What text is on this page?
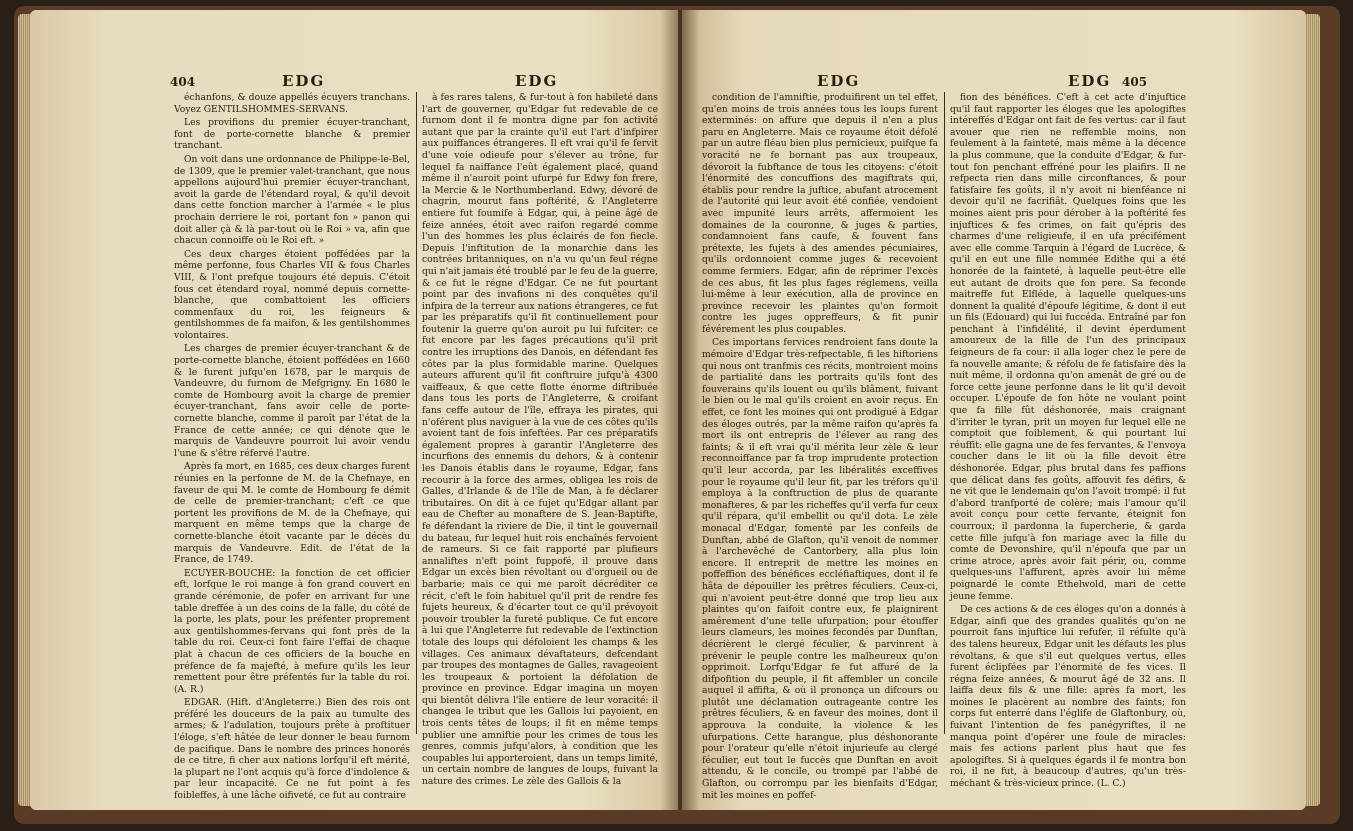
404	EDG	EDG

échanfons, & douze appellés écuyers tranchans. Voyez GENTILSHOMMES-SERVANS.

Les provifions du premier écuyer-tranchant, font de porte-cornette blanche & premier tranchant.

On voit dans une ordonnance de Philippe-le-Bel, de 1309, que le premier valet-tranchant, que nous appellons aujourd'hui premier écuyer-tranchant, avoit la garde de l'étendard royal, & qu'il devoit dans cette fonction marcher à l'armée « le plus prochain derriere le roi, portant fon » panon qui doit aller çà & là par-tout où le Roi » va, afin que chacun connoiffe où le Roi eft. »

Ces deux charges étoient poffédées par la même perfonne, fous Charles VII & fous Charles VIII, & l'ont prefque toujours été depuis. C'étoit fous cet étendard royal, nommé depuis cornette-blanche, que combattoient les officiers commenfaux du roi, les feigneurs & gentilshommes de fa maifon, & les gentilshommes volontaires.

Les charges de premier écuyer-tranchant & de porte-cornette blanche, étoient poffédées en 1660 & le furent jufqu'en 1678, par le marquis de Vandeuvre, du furnom de Mefgrigny. En 1680 le comte de Hombourg avoit la charge de premier écuyer-tranchant, fans avoir celle de porte-cornette blanche, comme il paroît par l'état de la France de cette année; ce qui dénote que le marquis de Vandeuvre pourroit lui avoir vendu l'une & s'être réfervé l'autre.

Après fa mort, en 1685, ces deux charges furent réunies en la perfonne de M. de la Chefnaye, en faveur de qui M. le comte de Hombourg fe démit de celle de premier-tranchant; c'eft ce que portent les provifions de M. de la Chefnaye, qui marquent en même temps que la charge de cornette-blanche étoit vacante par le décès du marquis de Vandeuvre. Edit. de l'état de la France, de 1749.

ECUYER-BOUCHE: la fonction de cet officier eft, lorfque le roi mange à fon grand couvert en grande cérémonie, de pofer en arrivant fur une table dreffée à un des coins de la falle, du côté de la porte, les plats, pour les préfenter proprement aux gentilshommes-fervans qui font près de la table du roi. Ceux-ci font faire l'effai de chaque plat à chacun de ces officiers de la bouche en préfence de fa majefté, à mefure qu'ils les leur remettent pour être préfentés fur la table du roi. (A. R.)

EDGAR. (Hift. d'Angleterre.) Bien des rois ont préféré les douceurs de la paix au tumulte des armes; & l'adulation, toujours prête à proftituer l'éloge, s'eft hâtée de leur donner le beau furnom de pacifique. Dans le nombre des princes honorés de ce titre, fi cher aux nations lorfqu'il eft mérité, la plupart ne l'ont acquis qu'à force d'indolence & par leur incapacité. Ce ne fut point à fes foibleffes, à une lâche oifiveté, ce fut au contraire

à fes rares talens, & fur-tout à fon habileté dans l'art de gouverner, qu'Edgar fut redevable de ce furnom dont il fe montra digne par fon activité autant que par la crainte qu'il eut l'art d'infpirer aux puiffances étrangeres. Il eft vrai qu'il fe fervit d'une voie odieufe pour s'élever au trône, fur lequel fa naiffance l'eût également placé, quand même il n'auroit point ufurpé fur Edwy fon frere, la Mercie & le Northumberland. Edwy, dévoré de chagrin, mourut fans poftérité, & l'Angleterre entiere fut foumife à Edgar, qui, à peine âgé de feize années, étoit avec raifon regardé comme l'un des hommes les plus éclairés de fon fiecle. Depuis l'inftitution de la monarchie dans les contrées britanniques, on n'a vu qu'un feul régne qui n'ait jamais été troublé par le feu de la guerre, & ce fut le régne d'Edgar. Ce ne fut pourtant point par des invafions ni des conquêtes qu'il infpira de la terreur aux nations étrangeres, ce fut par les préparatifs qu'il fit continuellement pour foutenir la guerre qu'on auroit pu lui fufciter: ce fut encore par les fages précautions qu'il prit contre les irruptions des Danois, en défendant fes côtes par la plus formidable marine. Quelques auteurs affurent qu'il fit conftruire jufqu'à 4300 vaiffeaux, & que cette flotte énorme diftribuée dans tous les ports de l'Angleterre, & croifant fans ceffe autour de l'île, effraya les pirates, qui n'oférent plus naviguer à la vue de ces côtes qu'ils avoient tant de fois infeftées. Par ces préparatifs également propres à garantir l'Angleterre des incurfions des ennemis du dehors, & à contenir les Danois établis dans le royaume, Edgar, fans recourir à la force des armes, obligea les rois de Galles, d'Irlande & de l'île de Man, à fe déclarer tributaires. On dit à ce fujet qu'Edgar allant par eau de Chefter au monaftere de S. Jean-Baptifte, fe défendant la riviere de Die, il tint le gouvernail du bateau, fur lequel huit rois enchaînés fervoient de rameurs. Si ce fait rapporté par plufieurs annaliftes n'eft point fuppofé, il prouve dans Edgar un excès bien révoltant ou d'orgueil ou de barbarie; mais ce qui me paroît décréditer ce récit, c'eft le foin habituel qu'il prit de rendre fes fujets heureux, & d'écarter tout ce qu'il prévoyoit pouvoir troubler la fureté publique. Ce fut encore à lui que l'Angleterre fut redevable de l'extinction totale des loups qui défoloient les champs & les villages. Ces animaux dévaftateurs, defcendant par troupes des montagnes de Galles, ravageoient les troupeaux & portoient la défolation de province en province. Edgar imagina un moyen qui bientôt délivra l'île entiere de leur voracité: il changea le tribut que les Gallois lui payoient, en trois cents têtes de loups; il fit en même temps publier une amniftie pour les crimes de tous les genres, commis jufqu'alors, à condition que les coupables lui apporteroient, dans un temps limité, un certain nombre de langues de loups, fuivant la nature des crimes. Le zèle des Gallois & la

EDG	EDG 405

condition de l'amniftie, produifirent un tel effet, qu'en moins de trois années tous les loups furent exterminés: on affure que depuis il n'en a plus paru en Angleterre. Mais ce royaume étoit défolé par un autre fléau bien plus pernicieux, puifque fa voracité ne fe bornant pas aux troupeaux, dévoroit la fubftance de tous les citoyens: c'étoit l'énormité des concuffions des magiftrats qui, établis pour rendre la juftice, abufant atrocement de l'autorité qui leur avoit été confiée, vendoient avec impunité leurs arrêts, affermoient les domaines de la couronne, & juges & parties, condamnoient fans caufe, & fouvent fans prétexte, les fujets à des amendes pécuniaires, qu'ils ordonnoient comme juges & recevoient comme fermiers. Edgar, afin de réprimer l'excès de ces abus, fit les plus fages réglemens, veilla lui-même à leur exécution, alla de province en province recevoir les plaintes qu'on formoit contre les juges oppreffeurs, & fit punir févérement les plus coupables.

Ces importans fervices rendroient fans doute la mémoire d'Edgar très-refpectable, fi les hiftoriens qui nous ont tranfmis ces récits, montroient moins de partialité dans les portraits qu'ils font des fouverains qu'ils louent ou qu'ils blâment, fuivant le bien ou le mal qu'ils croient en avoir reçus. En effet, ce font les moines qui ont prodigué à Edgar des éloges outrés, par la même raifon qu'après fa mort ils ont entrepris de l'élever au rang des faints; & il eft vrai qu'il mérita leur zèle & leur reconnoiffance par fa trop imprudente protection qu'il leur accorda, par les libéralités exceffives pour le royaume qu'il leur fit, par les tréfors qu'il employa à la conftruction de plus de quarante monafteres, & par les richeffes qu'il verfa fur ceux qu'il répara, qu'il embellit ou qu'il dota. Le zèle monacal d'Edgar, fomenté par les confeils de Dunftan, abbé de Glafton, qu'il venoit de nommer à l'archevêché de Cantorbery, alla plus loin encore. Il entreprit de mettre les moines en poffeffion des bénéfices eccléfiaftiques, dont il fe hâta de dépouiller les prêtres féculiers. Ceux-ci, qui n'avoient peut-être donné que trop lieu aux plaintes qu'on faifoit contre eux, fe plaignirent amérement d'une telle ufurpation; pour étouffer leurs clameurs, les moines fecondés par Dunftan, décrièrent le clergé féculier, & parvinrent à prévenir le peuple contre les malheureux qu'on opprimoit. Lorfqu'Edgar fe fut affuré de la difpofition du peuple, il fit affembler un concile auquel il affifta, & où il prononça un difcours ou plutôt une déclamation outrageante contre les prêtres féculiers, & en faveur des moines, dont il approuva la conduite, la violence & les ufurpations. Cette harangue, plus déshonorante pour l'orateur qu'elle n'étoit injurieufe au clergé féculier, eut tout le fuccès que Dunftan en avoit attendu, & le concile, ou trompé par l'abbé de Glafton, ou corrompu par les bienfaits d'Edgar, mit les moines en poffef-

fion des bénéfices. C'eft à cet acte d'injuftice qu'il faut rapporter les éloges que les apologiftes intéreffés d'Edgar ont fait de fes vertus: car il faut avouer que rien ne reffemble moins, non feulement à la fainteté, mais même à la décence la plus commune, que la conduite d'Edgar, & fur-tout fon penchant effréné pour les plaifirs. Il ne refpecta rien dans mille circonftances, & pour fatisfaire fes goûts, il n'y avoit ni bienféance ni devoir qu'il ne facrifiât. Quelques foins que les moines aient pris pour dérober à la poftérité fes injuftices & fes crimes, on fait qu'épris des charmes d'une religieufe, il en ufa précifément avec elle comme Tarquin à l'égard de Lucrèce, & qu'il en eut une fille nommée Edithe qui a été honorée de la fainteté, à laquelle peut-être elle eut autant de droits que fon pere. Sa feconde maitreffe fut Elfléde, à laquelle quelques-uns donnent la qualité d'époufe légitime, & dont il eut un fils (Edouard) qui lui fuccéda. Entraîné par fon penchant à l'infidélité, il devint éperdument amoureux de la fille de l'un des principaux feigneurs de fa cour: il alla loger chez le pere de fa nouvelle amante; & réfolu de fe fatisfaire dès la nuit même, il ordonna qu'on amenât de gré ou de force cette jeune perfonne dans le lit qu'il devoit occuper. L'époufe de fon hôte ne voulant point que fa fille fût déshonorée, mais craignant d'irriter le tyran, prit un moyen fur lequel elle ne comptoit que foiblement, & qui pourtant lui réuffit: elle gagna une de fes fervantes, & l'envoya coucher dans le lit où la fille devoit être déshonorée. Edgar, plus brutal dans fes paffions que délicat dans fes goûts, affouvit fes défirs, & ne vit que le lendemain qu'on l'avoit trompé: il fut d'abord tranfporté de colère; mais l'amour qu'il avoit conçu pour cette fervante, éteignit fon courroux; il pardonna la fupercherie, & garda cette fille jufqu'à fon mariage avec la fille du comte de Devonshire, qu'il n'époufa que par un crime atroce, après avoir fait périr, ou, comme quelques-uns l'affurent, après avoir lui même poignardé le comte Ethelwold, mari de cette jeune femme.

De ces actions & de ces éloges qu'on a donnés à Edgar, ainfi que des grandes qualités qu'on ne pourroit fans injuftice lui refufer, il réfulte qu'à des talens heureux, Edgar unit les défauts les plus révoltans, & que s'il eut quelques vertus, elles furent éclipfées par l'énormité de fes vices. Il régna feize années, & mourut âgé de 32 ans. Il laiffa deux fils & une fille: après fa mort, les moines le placèrent au nombre des faints; fon corps fut enterré dans l'églife de Glaftonbury, où, fuivant l'intention de fes panégyriftes, il ne manqua point d'opérer une foule de miracles: mais fes actions parlent plus haut que fes apologiftes. Si à quelques égards il fe montra bon roi, il ne fut, à beaucoup d'autres, qu'un très-méchant & très-vicieux prince. (L. C.)
